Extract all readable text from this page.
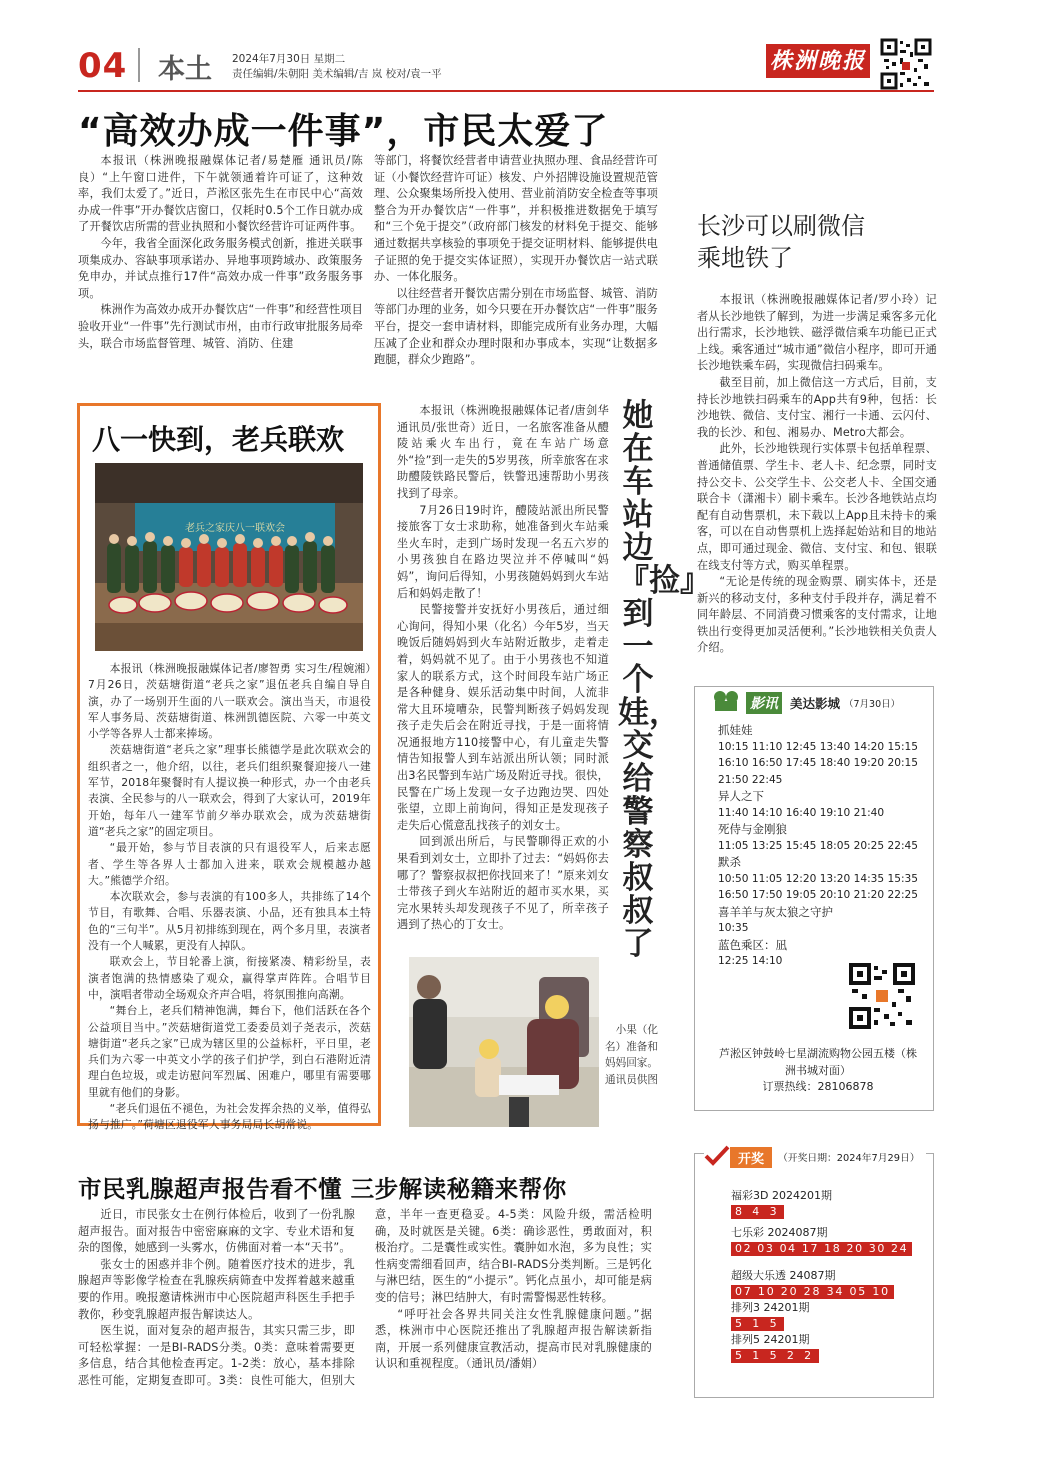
04 本土 2024年7月30日 星期二
责任编辑/朱朝阳 美术编辑/吉 岚 校对/袁一平	株洲晚报
“高效办成一件事”，市民太爱了

本报讯（株洲晚报融媒体记者/易楚雁 通讯员/陈良）“上午窗口进件，下午就领通着许可证了，这种效率，我们太爱了。”近日，芦淞区张先生在市民中心“高效办成一件事”开办餐饮店窗口，仅耗时0.5个工作日就办成了开餐饮店所需的营业执照和小餐饮经营许可证两件事。

今年，我省全面深化政务服务模式创新，推进关联事项集成办、容缺事项承诺办、异地事项跨域办、政策服务免申办，并试点推行17件“高效办成一件事”政务服务事项。

株洲作为高效办成开办餐饮店“一件事”和经营性项目验收开业“一件事”先行测试市州，由市行政审批服务局牵头，联合市场监督管理、城管、消防、住建

等部门，将餐饮经营者申请营业执照办理、食品经营许可证（小餐饮经营许可证）核发、户外招牌设施设置规范管理、公众聚集场所投入使用、营业前消防安全检查等事项整合为开办餐饮店“一件事”，并积极推进数据免于填写和“三个免于提交”（政府部门核发的材料免于提交、能够通过数据共享核验的事项免于提交证明材料、能够提供电子证照的免于提交实体证照），实现开办餐饮店一站式联办、一体化服务。

以往经营者开餐饮店需分别在市场监督、城管、消防等部门办理的业务，如今只要在开办餐饮店“一件事”服务平台，提交一套申请材料，即能完成所有业务办理，大幅压减了企业和群众办理时限和办事成本，实现“让数据多跑腿，群众少跑路”。

长沙可以刷微信
乘地铁了

本报讯（株洲晚报融媒体记者/罗小玲）记者从长沙地铁了解到，为进一步满足乘客多元化出行需求，长沙地铁、磁浮微信乘车功能已正式上线。乘客通过“城市通”微信小程序，即可开通长沙地铁乘车码，实现微信扫码乘车。

截至目前，加上微信这一方式后，目前，支持长沙地铁扫码乘车的App共有9种，包括：长沙地铁、微信、支付宝、湘行一卡通、云闪付、我的长沙、和包、湘易办、Metro大都会。

此外，长沙地铁现行实体票卡包括单程票、普通储值票、学生卡、老人卡、纪念票，同时支持公交卡、公交学生卡、公交老人卡、全国交通联合卡（潇湘卡）刷卡乘车。长沙各地铁站点均配有自动售票机，未下载以上App且未持卡的乘客，可以在自动售票机上选择起始站和目的地站点，即可通过现金、微信、支付宝、和包、银联在线支付等方式，购买单程票。

“无论是传统的现金购票、刷实体卡，还是新兴的移动支付，多种支付手段并存，满足着不同年龄层、不同消费习惯乘客的支付需求，让地铁出行变得更加灵活便利。”长沙地铁相关负责人介绍。

八一快到，老兵联欢
老兵之家庆八一联欢会

本报讯（株洲晚报融媒体记者/廖智勇 实习生/程婉湘）7月26日，茨菇塘街道“老兵之家”退伍老兵自编自导自演，办了一场别开生面的八一联欢会。演出当天，市退役军人事务局、茨菇塘街道、株洲凯德医院、六零一中英文小学等各界人士都来捧场。

茨菇塘街道“老兵之家”理事长熊德学是此次联欢会的组织者之一，他介绍，以往，老兵们组织聚餐迎接八一建军节，2018年聚餐时有人提议换一种形式，办一个由老兵表演、全民参与的八一联欢会，得到了大家认可，2019年开始，每年八一建军节前夕举办联欢会，成为茨菇塘街道“老兵之家”的固定项目。

“最开始，参与节目表演的只有退役军人，后来志愿者、学生等各界人士都加入进来，联欢会规模越办越大。”熊德学介绍。

本次联欢会，参与表演的有100多人，共排练了14个节目，有歌舞、合唱、乐器表演、小品，还有独具本土特色的“三句半”。从5月初排练到现在，两个多月里，表演者没有一个人喊累，更没有人掉队。

联欢会上，节目轮番上演，衔接紧凑、精彩纷呈，表演者饱满的热情感染了观众，赢得掌声阵阵。合唱节目中，演唱者带动全场观众齐声合唱，将氛围推向高潮。

“舞台上，老兵们精神饱满，舞台下，他们活跃在各个公益项目当中。”茨菇塘街道党工委委员刘子尧表示，茨菇塘街道“老兵之家”已成为辖区里的公益标杆，平日里，老兵们为六零一中英文小学的孩子们护学，到白石港附近清理白色垃圾，或走访慰问军烈属、困难户，哪里有需要哪里就有他们的身影。

“老兵们退伍不褪色，为社会发挥余热的义举，值得弘扬与推广。”荷塘区退役军人事务局局长胡常说。

本报讯（株洲晚报融媒体记者/唐剑华 通讯员/张世奇）近日，一名旅客准备从醴陵站乘火车出行，竟在车站广场意外“捡”到一走失的5岁男孩，所幸旅客在求助醴陵铁路民警后，铁警迅速帮助小男孩找到了母亲。

7月26日19时许，醴陵站派出所民警接旅客丁女士求助称，她准备到火车站乘坐火车时，走到广场时发现一名五六岁的小男孩独自在路边哭泣并不停喊叫“妈妈”，询问后得知，小男孩随妈妈到火车站后和妈妈走散了！

民警接警并安抚好小男孩后，通过细心询问，得知小果（化名）今年5岁，当天晚饭后随妈妈到火车站附近散步，走着走着，妈妈就不见了。由于小男孩也不知道家人的联系方式，这个时间段车站广场正是各种健身、娱乐活动集中时间，人流非常大且环境嘈杂，民警判断孩子妈妈发现孩子走失后会在附近寻找，于是一面将情况通报地方110接警中心，有儿童走失警情告知报警人到车站派出所认领；同时派出3名民警到车站广场及附近寻找。很快，民警在广场上发现一女子边跑边哭、四处张望，立即上前询问，得知正是发现孩子走失后心慌意乱找孩子的刘女士。

回到派出所后，与民警聊得正欢的小果看到刘女士，立即扑了过去：“妈妈你去哪了？警察叔叔把你找回来了！”原来刘女士带孩子到火车站附近的超市买水果，买完水果转头却发现孩子不见了，所幸孩子遇到了热心的丁女士。

她在车站边『捡』到一个娃，交给警察叔叔了
小果（化名）准备和妈妈回家。通讯员供图
影讯 美达影城 （7月30日）
抓娃娃
10:15 11:10 12:45 13:40 14:20 15:15
16:10 16:50 17:45 18:40 19:20 20:15
21:50 22:45
异人之下
11:40 14:10 16:40 19:10 21:40
死侍与金刚狼
11:05 13:25 15:45 18:05 20:25 22:45
默杀
10:50 11:05 12:20 13:20 14:35 15:35
16:50 17:50 19:05 20:10 21:20 22:25
喜羊羊与灰太狼之守护
10:35
蓝色乘区：凪
12:25 14:10
芦淞区钟鼓岭七星湖流购物公园五楼（株洲书城对面）
订票热线：28106878
开奖	（开奖日期：2024年7月29日）
福彩3D 2024201期
8 4 3
七乐彩 2024087期
02 03 04 17 18 20 30 24
超级大乐透 24087期
07 10 20 28 34 05 10
排列3 24201期
5 1 5
排列5 24201期
5 1 5 2 2
市民乳腺超声报告看不懂 三步解读秘籍来帮你

近日，市民张女士在例行体检后，收到了一份乳腺超声报告。面对报告中密密麻麻的文字、专业术语和复杂的图像，她感到一头雾水，仿佛面对着一本“天书”。

张女士的困惑并非个例。随着医疗技术的进步，乳腺超声等影像学检查在乳腺疾病筛查中发挥着越来越重要的作用。晚报邀请株洲市中心医院超声科医生手把手教你，秒变乳腺超声报告解读达人。

医生说，面对复杂的超声报告，其实只需三步，即可轻松掌握：一是BI-RADS分类。0类：意味着需要更多信息，结合其他检查再定。1-2类：放心，基本排除恶性可能，定期复查即可。3类：良性可能大，但别大意，半年一查更稳妥。4-5类：风险升级，需活检明确，及时就医是关键。6类：确诊恶性，勇敢面对，积极治疗。二是囊性或实性。囊肿如水泡，多为良性；实性病变需细看回声，结合BI-RADS分类判断。三是钙化与淋巴结，医生的“小提示”。钙化点虽小，却可能是病变的信号；淋巴结肿大，有时需警惕恶性转移。

“呼吁社会各界共同关注女性乳腺健康问题。”据悉，株洲市中心医院还推出了乳腺超声报告解读新指南，开展一系列健康宣教活动，提高市民对乳腺健康的认识和重视程度。（通讯员/潘娟）
